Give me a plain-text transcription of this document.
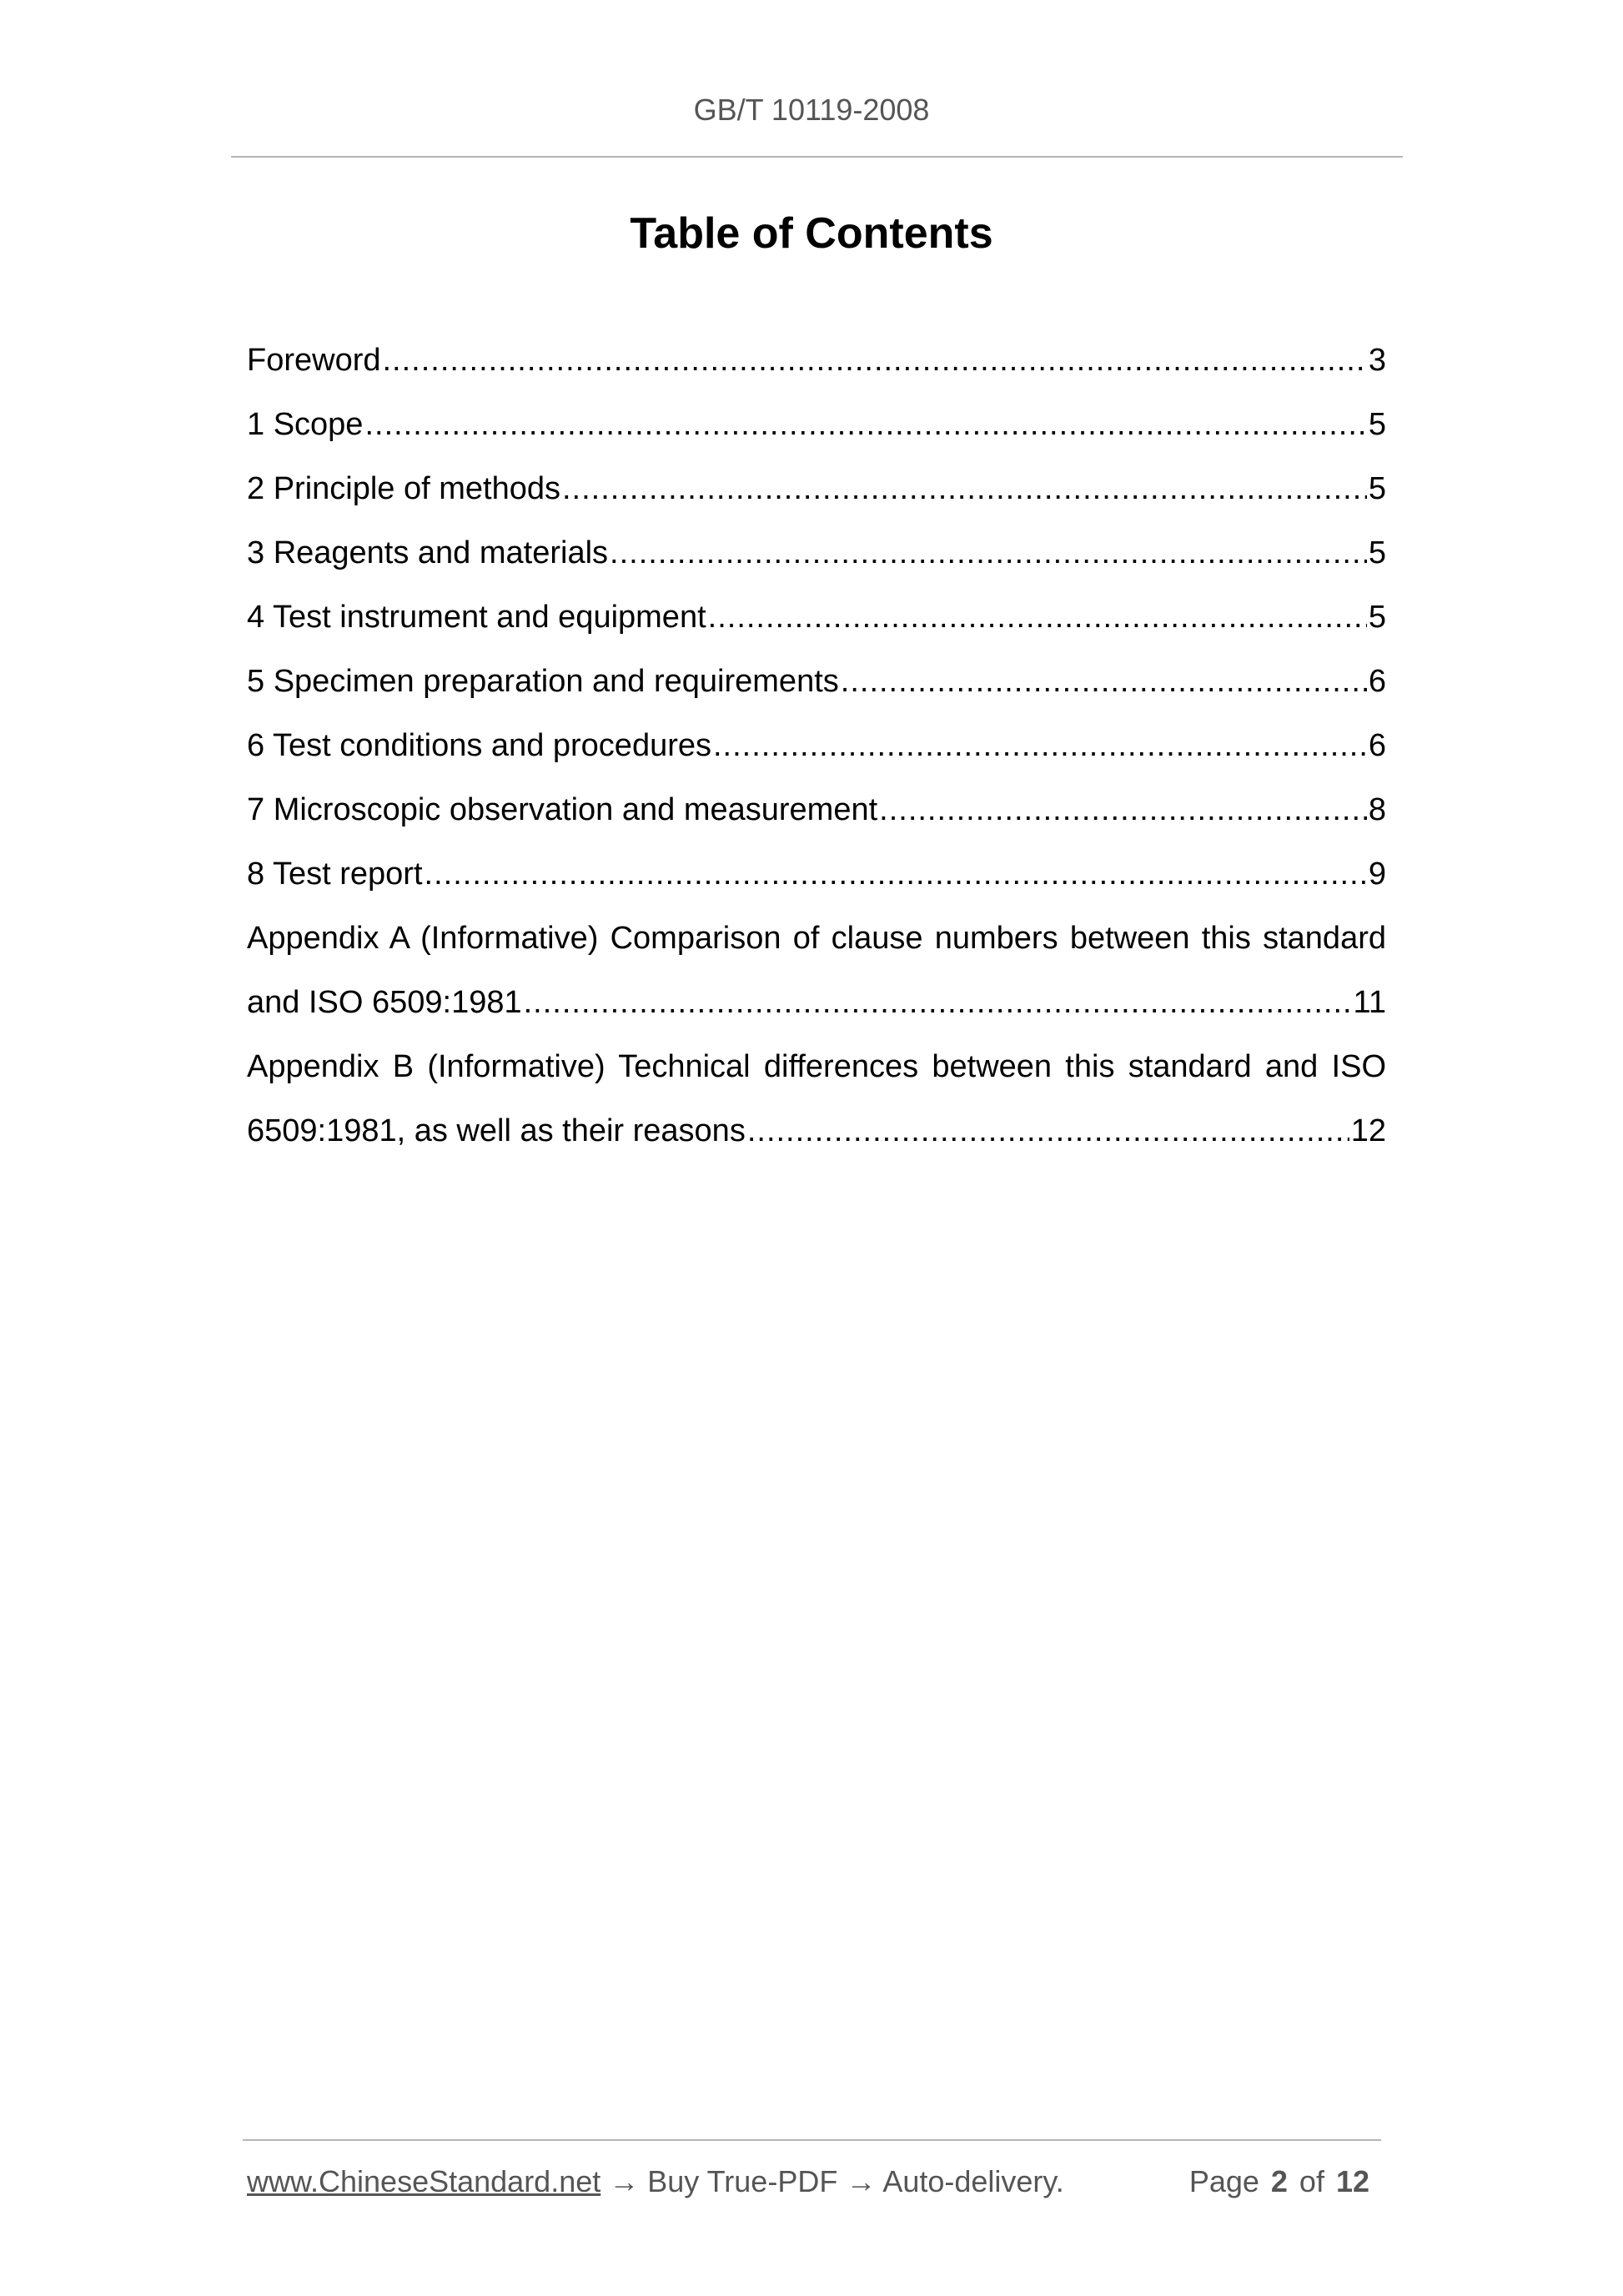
GB/T 10119-2008
Table of Contents
Foreword .....	3
1 Scope .....	5
2 Principle of methods .....	5
3 Reagents and materials .....	5
4 Test instrument and equipment .....	5
5 Specimen preparation and requirements .....	6
6 Test conditions and procedures .....	6
7 Microscopic observation and measurement .....	8
8 Test report .....	9
Appendix A (Informative) Comparison of clause numbers between this standard
and ISO 6509:1981 .....	11
Appendix B (Informative) Technical differences between this standard and ISO
6509:1981, as well as their reasons .....	12
www.ChineseStandard.net → Buy True-PDF → Auto-delivery.	Page 2 of 12
